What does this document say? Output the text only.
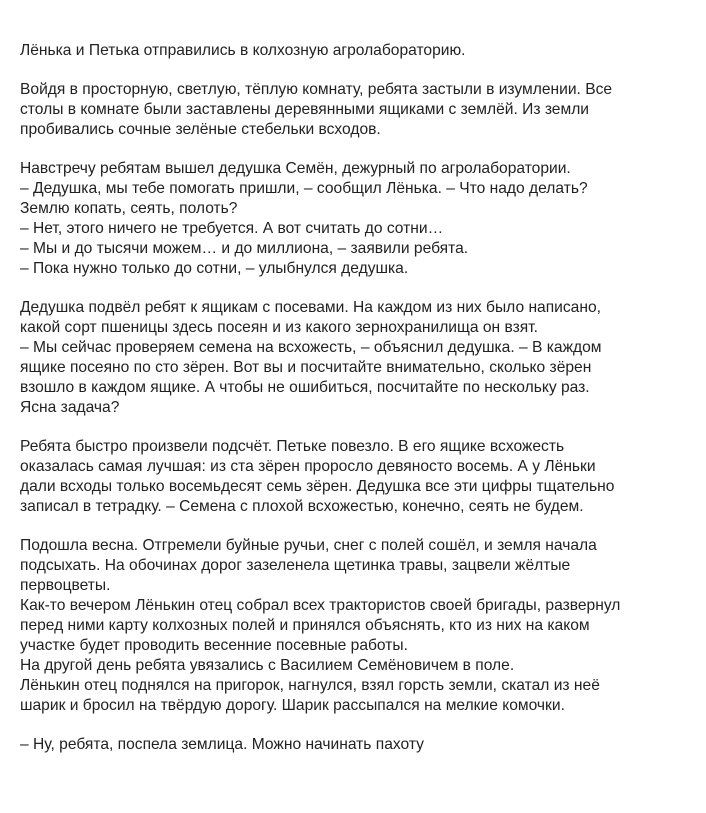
Лёнька и Петька отправились в колхозную агролабораторию.
Войдя в просторную, светлую, тёплую комнату, ребята застыли в изумлении. Все
столы в комнате были заставлены деревянными ящиками с землёй. Из земли
пробивались сочные зелёные стебельки всходов.
Навстречу ребятам вышел дедушка Семён, дежурный по агролаборатории.
– Дедушка, мы тебе помогать пришли, – сообщил Лёнька. – Что надо делать?
Землю копать, сеять, полоть?
– Нет, этого ничего не требуется. А вот считать до сотни…
– Мы и до тысячи можем… и до миллиона, – заявили ребята.
– Пока нужно только до сотни, – улыбнулся дедушка.
Дедушка подвёл ребят к ящикам с посевами. На каждом из них было написано,
какой сорт пшеницы здесь посеян и из какого зернохранилища он взят.
– Мы сейчас проверяем семена на всхожесть, – объяснил дедушка. – В каждом
ящике посеяно по сто зёрен. Вот вы и посчитайте внимательно, сколько зёрен
взошло в каждом ящике. А чтобы не ошибиться, посчитайте по нескольку раз.
Ясна задача?
Ребята быстро произвели подсчёт. Петьке повезло. В его ящике всхожесть
оказалась самая лучшая: из ста зёрен проросло девяносто восемь. А у Лёньки
дали всходы только восемьдесят семь зёрен. Дедушка все эти цифры тщательно
записал в тетрадку. – Семена с плохой всхожестью, конечно, сеять не будем.
Подошла весна. Отгремели буйные ручьи, снег с полей сошёл, и земля начала
подсыхать. На обочинах дорог зазеленела щетинка травы, зацвели жёлтые
первоцветы.
Как-то вечером Лёнькин отец собрал всех трактористов своей бригады, развернул
перед ними карту колхозных полей и принялся объяснять, кто из них на каком
участке будет проводить весенние посевные работы.
На другой день ребята увязались с Василием Семёновичем в поле.
Лёнькин отец поднялся на пригорок, нагнулся, взял горсть земли, скатал из неё
шарик и бросил на твёрдую дорогу. Шарик рассыпался на мелкие комочки.
– Ну, ребята, поспела землица. Можно начинать пахоту
